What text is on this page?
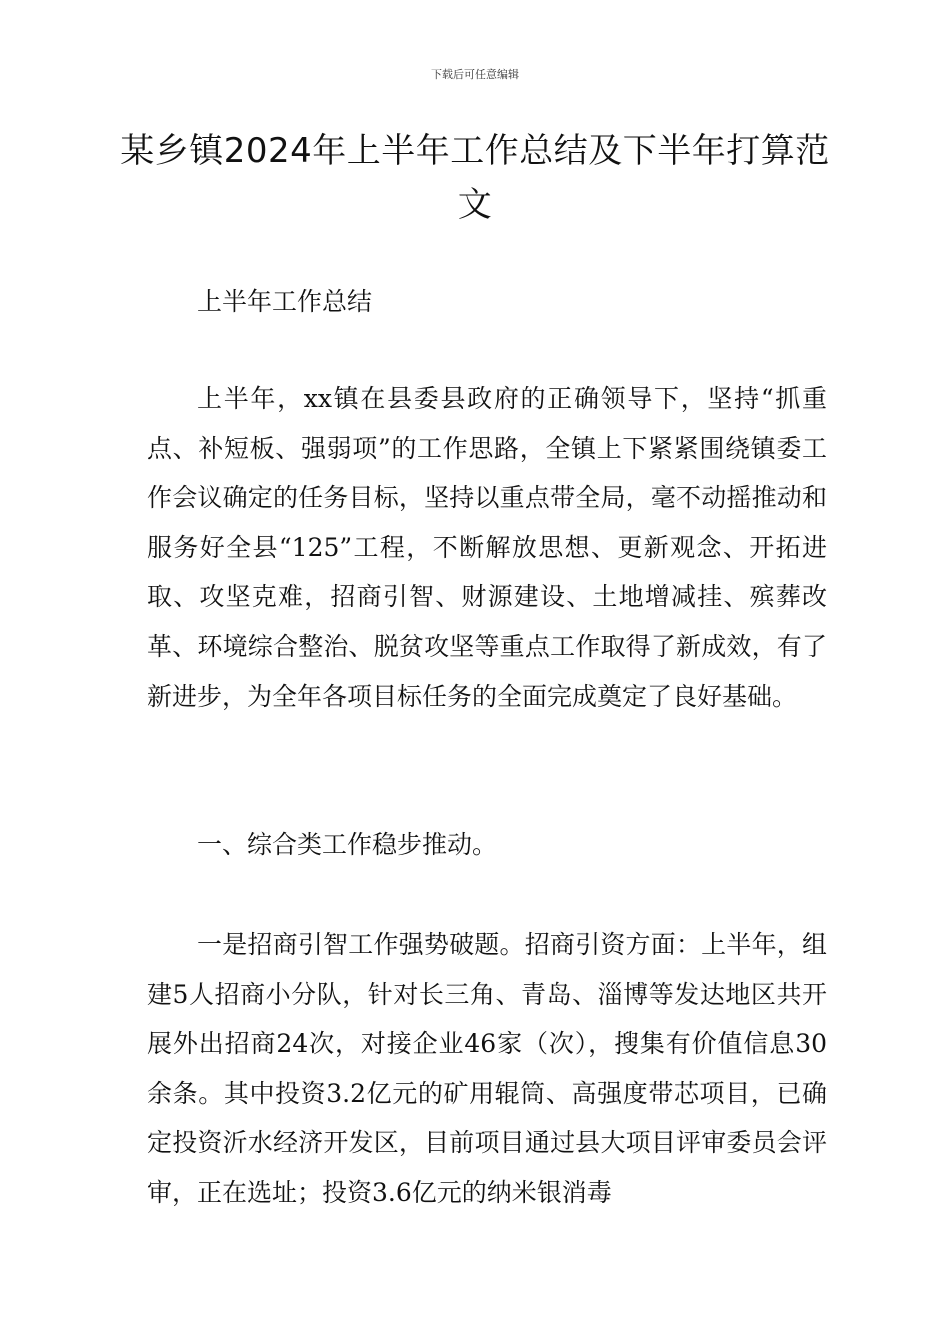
下载后可任意编辑
某乡镇2024年上半年工作总结及下半年打算范文

上半年工作总结

上半年，xx镇在县委县政府的正确领导下，坚持“抓重点、补短板、强弱项”的工作思路，全镇上下紧紧围绕镇委工作会议确定的任务目标，坚持以重点带全局，毫不动摇推动和服务好全县“125”工程，不断解放思想、更新观念、开拓进取、攻坚克难，招商引智、财源建设、土地增减挂、殡葬改革、环境综合整治、脱贫攻坚等重点工作取得了新成效，有了新进步，为全年各项目标任务的全面完成奠定了良好基础。

一、综合类工作稳步推动。

一是招商引智工作强势破题。招商引资方面：上半年，组建5人招商小分队，针对长三角、青岛、淄博等发达地区共开展外出招商24次，对接企业46家（次），搜集有价值信息30余条。其中投资3.2亿元的矿用辊筒、高强度带芯项目，已确定投资沂水经济开发区，目前项目通过县大项目评审委员会评审，正在选址；投资3.6亿元的纳米银消毒
